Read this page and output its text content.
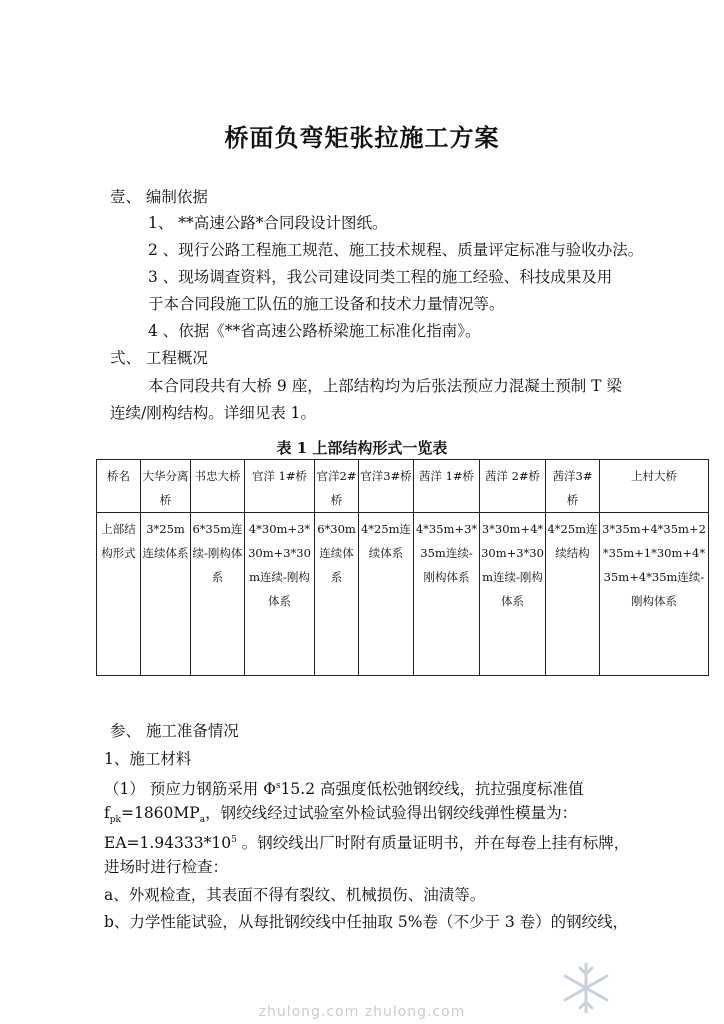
桥面负弯矩张拉施工方案
壹、 编制依据
1、 **高速公路*合同段设计图纸。
2 、现行公路工程施工规范、施工技术规程、质量评定标准与验收办法。
3 、现场调查资料，我公司建设同类工程的施工经验、科技成果及用
于本合同段施工队伍的施工设备和技术力量情况等。
4 、依据《**省高速公路桥梁施工标准化指南》。
弍、 工程概况
本合同段共有大桥 9 座，上部结构均为后张法预应力混凝土预制 T 梁
连续/刚构结构。详细见表 1。
表 1 上部结构形式一览表
桥名	大华分离桥	书忠大桥	官洋 1#桥	官洋2#桥	官洋3#桥	茜洋 1#桥	茜洋 2#桥	茜洋3#桥	上村大桥
上部结构形式	3*25m连续体系	6*35m连续-刚构体系	4*30m+3*30m+3*30m连续-刚构体系	6*30m连续体系	4*25m连续体系	4*35m+3*35m连续-刚构体系	3*30m+4*30m+3*30m连续-刚构体系	4*25m连续结构	3*35m+4*35m+2*35m+1*30m+4*35m+4*35m连续-刚构体系
参、 施工准备情况
1、施工材料
（1） 预应力钢筋采用 $\Phi^s15.2$ 高强度低松弛钢绞线，抗拉强度标准值
$f_{pk}=1860MP_a$，钢绞线经过试验室外检试验得出钢绞线弹性模量为：
$EA=1.94333*10^5$ 。钢绞线出厂时附有质量证明书，并在每卷上挂有标牌，
进场时进行检查：
a、外观检查，其表面不得有裂纹、机械损伤、油渍等。
b、力学性能试验，从每批钢绞线中任抽取 5%卷（不少于 3 卷）的钢绞线，
zhulong.com zhulong.com
